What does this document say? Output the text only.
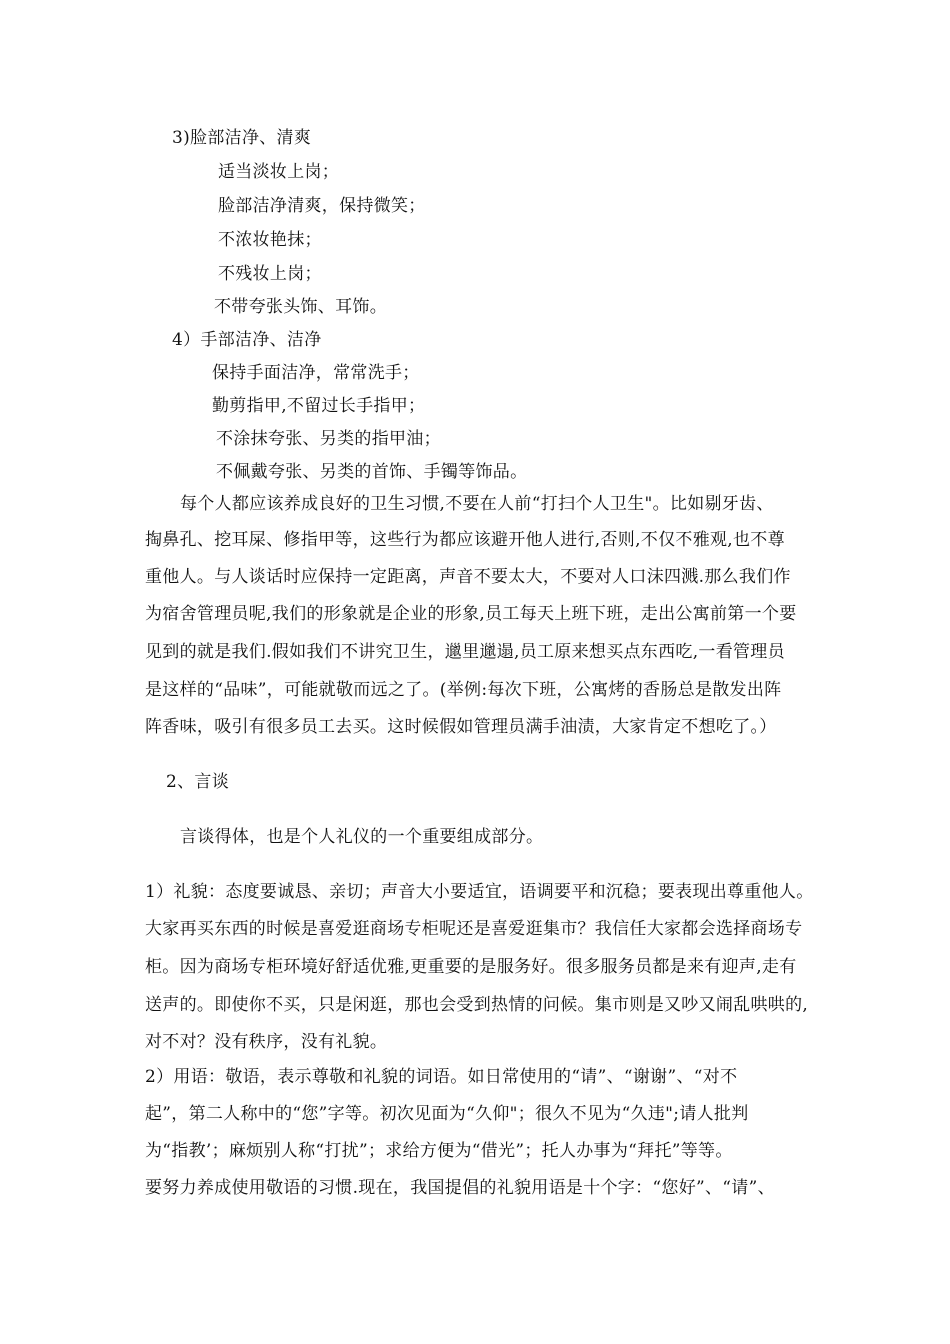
3)脸部洁净、清爽
适当淡妆上岗；
脸部洁净清爽，保持微笑；
不浓妆艳抹；
不残妆上岗；
不带夸张头饰、耳饰。
4）手部洁净、洁净
保持手面洁净，常常洗手；
勤剪指甲,不留过长手指甲；
不涂抹夸张、另类的指甲油；
不佩戴夸张、另类的首饰、手镯等饰品。
每个人都应该养成良好的卫生习惯,不要在人前“打扫个人卫生"。比如剔牙齿、
掏鼻孔、挖耳屎、修指甲等，这些行为都应该避开他人进行,否则,不仅不雅观,也不尊
重他人。与人谈话时应保持一定距离，声音不要太大，不要对人口沫四溅.那么我们作
为宿舍管理员呢,我们的形象就是企业的形象,员工每天上班下班，走出公寓前第一个要
见到的就是我们.假如我们不讲究卫生，邋里邋遢,员工原来想买点东西吃,一看管理员
是这样的“品味”，可能就敬而远之了。(举例:每次下班，公寓烤的香肠总是散发出阵
阵香味，吸引有很多员工去买。这时候假如管理员满手油渍，大家肯定不想吃了。）
2、言谈
言谈得体，也是个人礼仪的一个重要组成部分。
1）礼貌：态度要诚恳、亲切；声音大小要适宜，语调要平和沉稳；要表现出尊重他人。
大家再买东西的时候是喜爱逛商场专柜呢还是喜爱逛集市？我信任大家都会选择商场专
柜。因为商场专柜环境好舒适优雅,更重要的是服务好。很多服务员都是来有迎声,走有
送声的。即使你不买，只是闲逛，那也会受到热情的问候。集市则是又吵又闹乱哄哄的,
对不对？没有秩序，没有礼貌。
2）用语：敬语，表示尊敬和礼貌的词语。如日常使用的“请”、“谢谢”、“对不
起”，第二人称中的“您”字等。初次见面为“久仰"；很久不见为“久违";请人批判
为“指教’；麻烦别人称“打扰”；求给方便为“借光”；托人办事为“拜托”等等。
要努力养成使用敬语的习惯.现在，我国提倡的礼貌用语是十个字：“您好”、“请”、
